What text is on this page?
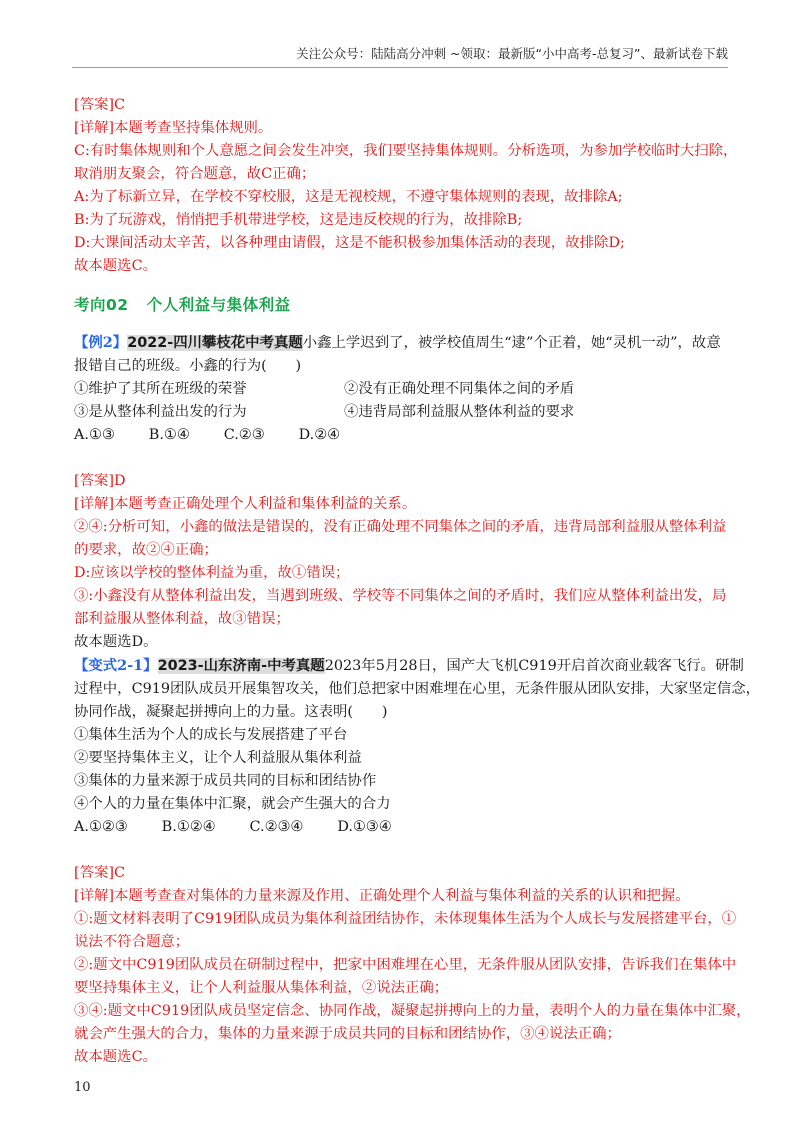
关注公众号：陆陆高分冲刺 ~领取：最新版“小中高考-总复习”、最新试卷下载
[答案]C
[详解]本题考查坚持集体规则。
C:有时集体规则和个人意愿之间会发生冲突，我们要坚持集体规则。分析选项，为参加学校临时大扫除，
取消朋友聚会，符合题意，故C正确；
A:为了标新立异，在学校不穿校服，这是无视校规，不遵守集体规则的表现，故排除A;
B:为了玩游戏，悄悄把手机带进学校，这是违反校规的行为，故排除B;
D:大课间活动太辛苦，以各种理由请假，这是不能积极参加集体活动的表现，故排除D;
故本题选C。
考向02 个人利益与集体利益
【例2】2022-四川攀枝花中考真题小鑫上学迟到了，被学校值周生“逮”个正着，她“灵机一动”，故意
报错自己的班级。小鑫的行为(　　)
①维护了其所在班级的荣誉	②没有正确处理不同集体之间的矛盾
③是从整体利益出发的行为	④违背局部利益服从整体利益的要求
A.①③ B.①④ C.②③ D.②④
[答案]D
[详解]本题考查正确处理个人利益和集体利益的关系。
②④:分析可知，小鑫的做法是错误的，没有正确处理不同集体之间的矛盾，违背局部利益服从整体利益
的要求，故②④正确；
D:应该以学校的整体利益为重，故①错误；
③:小鑫没有从整体利益出发，当遇到班级、学校等不同集体之间的矛盾时，我们应从整体利益出发，局
部利益服从整体利益，故③错误；
故本题选D。
【变式2-1】2023-山东济南-中考真题2023年5月28日，国产大飞机C919开启首次商业载客飞行。研制
过程中，C919团队成员开展集智攻关，他们总把家中困难埋在心里，无条件服从团队安排，大家坚定信念，
协同作战，凝聚起拼搏向上的力量。这表明(　　)
①集体生活为个人的成长与发展搭建了平台
②要坚持集体主义，让个人利益服从集体利益
③集体的力量来源于成员共同的目标和团结协作
④个人的力量在集体中汇聚，就会产生强大的合力
A.①②③ B.①②④ C.②③④ D.①③④
[答案]C
[详解]本题考查查对集体的力量来源及作用、正确处理个人利益与集体利益的关系的认识和把握。
①:题文材料表明了C919团队成员为集体利益团结协作，未体现集体生活为个人成长与发展搭建平台，①
说法不符合题意；
②:题文中C919团队成员在研制过程中，把家中困难埋在心里，无条件服从团队安排，告诉我们在集体中
要坚持集体主义，让个人利益服从集体利益，②说法正确；
③④:题文中C919团队成员坚定信念、协同作战，凝聚起拼搏向上的力量，表明个人的力量在集体中汇聚，
就会产生强大的合力，集体的力量来源于成员共同的目标和团结协作，③④说法正确；
故本题选C。
10
